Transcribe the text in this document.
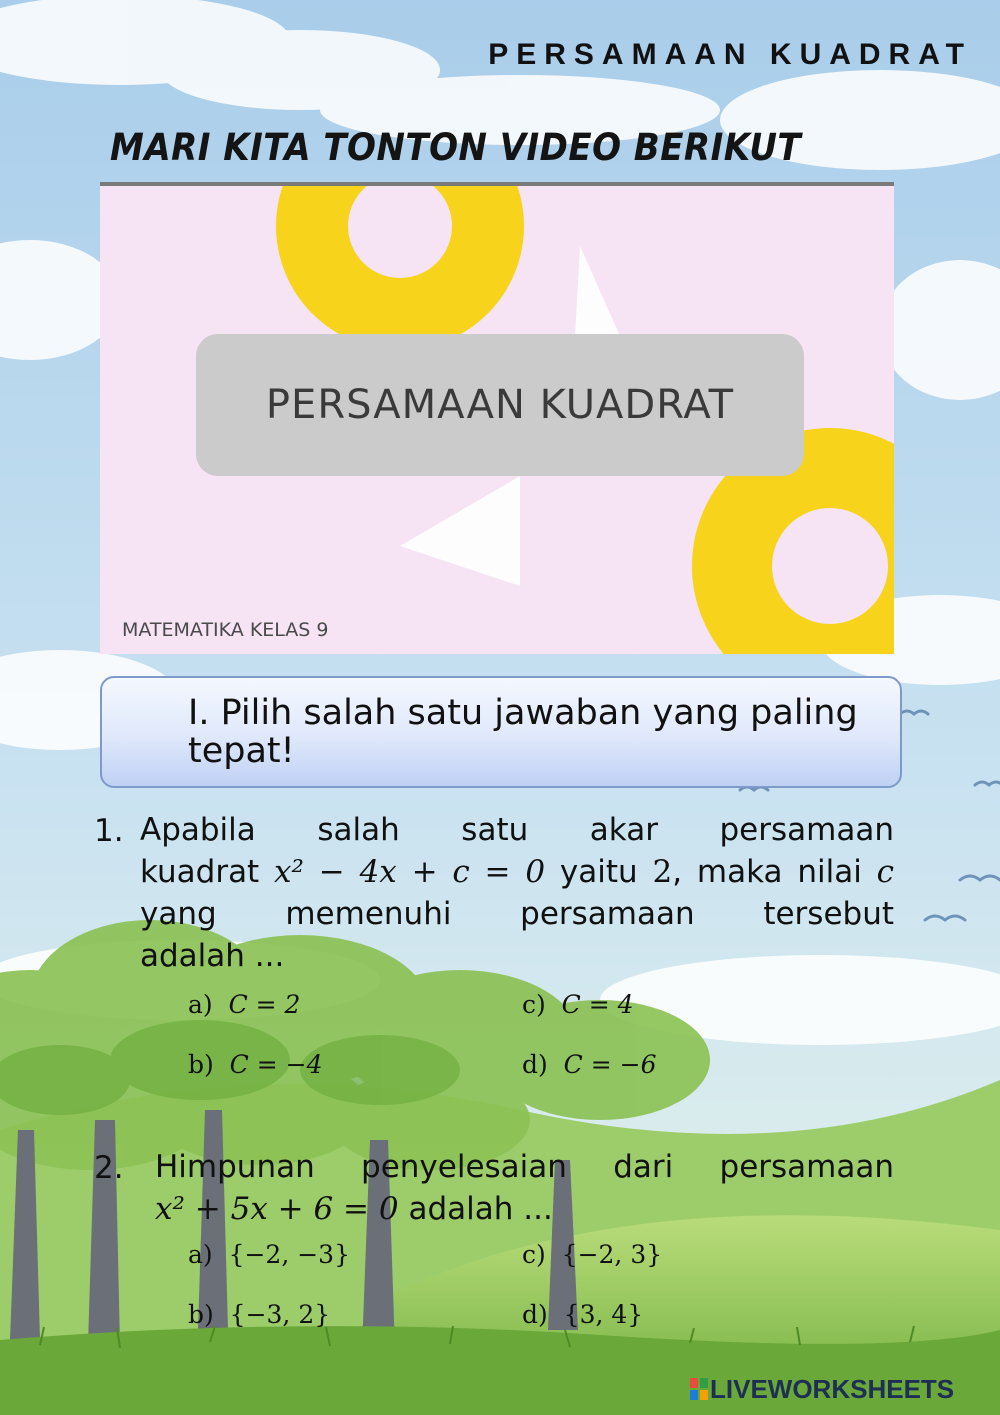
PERSAMAAN KUADRAT
MARI KITA TONTON VIDEO BERIKUT
PERSAMAAN KUADRAT
MATEMATIKA KELAS 9
I. Pilih salah satu jawaban yang paling tepat!
1. Apabila salah satu akar persamaan
kuadrat x² − 4x + c = 0 yaitu 2, maka nilai c
yang memenuhi persamaan tersebut
adalah ...
a) C = 2
b) C = −4
c) C = 4
d) C = −6
2. Himpunan penyelesaian dari persamaan
x² + 5x + 6 = 0 adalah ...
a) {−2, −3}
b) {−3, 2}
c) {−2, 3}
d) {3, 4}
LIVEWORKSHEETS
